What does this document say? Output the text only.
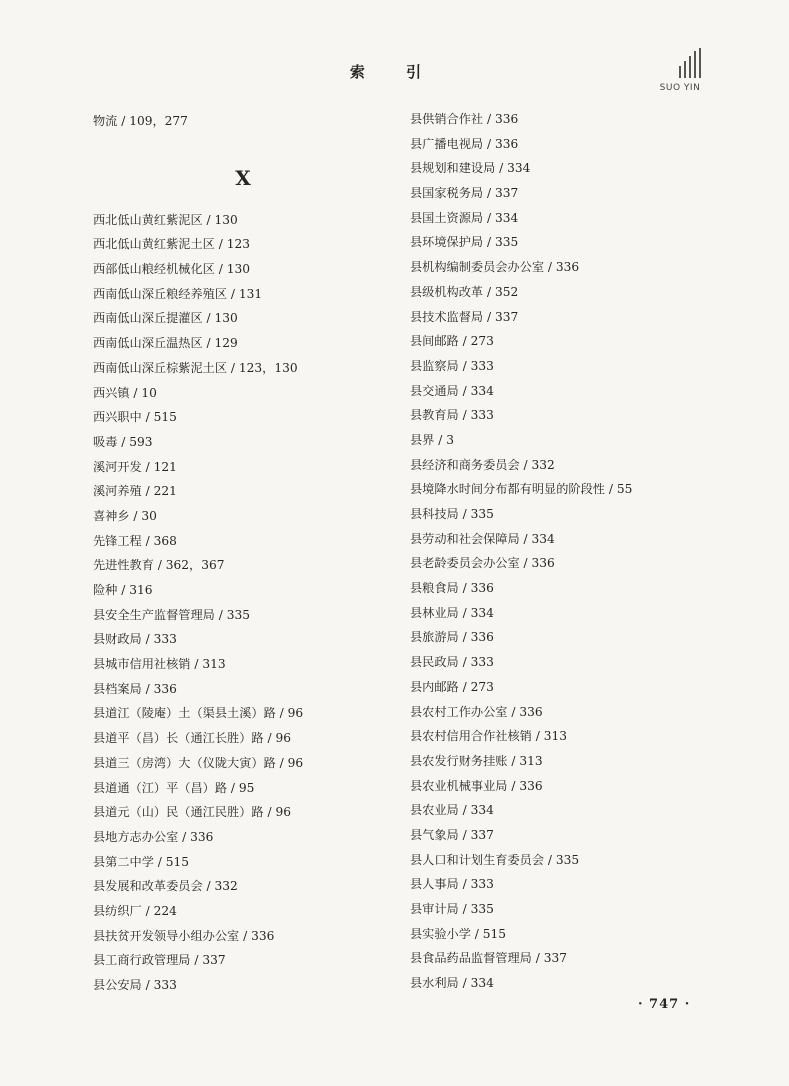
索 引
SUO YIN
物流 / 109，277
X
西北低山黄红紫泥区 / 130
西北低山黄红紫泥土区 / 123
西部低山粮经机械化区 / 130
西南低山深丘粮经养殖区 / 131
西南低山深丘提灌区 / 130
西南低山深丘温热区 / 129
西南低山深丘棕紫泥土区 / 123，130
西兴镇 / 10
西兴职中 / 515
吸毒 / 593
溪河开发 / 121
溪河养殖 / 221
喜神乡 / 30
先锋工程 / 368
先进性教育 / 362，367
险种 / 316
县安全生产监督管理局 / 335
县财政局 / 333
县城市信用社核销 / 313
县档案局 / 336
县道江（陵庵）土（渠县土溪）路 / 96
县道平（昌）长（通江长胜）路 / 96
县道三（房湾）大（仪陇大寅）路 / 96
县道通（江）平（昌）路 / 95
县道元（山）民（通江民胜）路 / 96
县地方志办公室 / 336
县第二中学 / 515
县发展和改革委员会 / 332
县纺织厂 / 224
县扶贫开发领导小组办公室 / 336
县工商行政管理局 / 337
县公安局 / 333
县供销合作社 / 336
县广播电视局 / 336
县规划和建设局 / 334
县国家税务局 / 337
县国土资源局 / 334
县环境保护局 / 335
县机构编制委员会办公室 / 336
县级机构改革 / 352
县技术监督局 / 337
县间邮路 / 273
县监察局 / 333
县交通局 / 334
县教育局 / 333
县界 / 3
县经济和商务委员会 / 332
县境降水时间分布都有明显的阶段性 / 55
县科技局 / 335
县劳动和社会保障局 / 334
县老龄委员会办公室 / 336
县粮食局 / 336
县林业局 / 334
县旅游局 / 336
县民政局 / 333
县内邮路 / 273
县农村工作办公室 / 336
县农村信用合作社核销 / 313
县农发行财务挂账 / 313
县农业机械事业局 / 336
县农业局 / 334
县气象局 / 337
县人口和计划生育委员会 / 335
县人事局 / 333
县审计局 / 335
县实验小学 / 515
县食品药品监督管理局 / 337
县水利局 / 334
· 747 ·
